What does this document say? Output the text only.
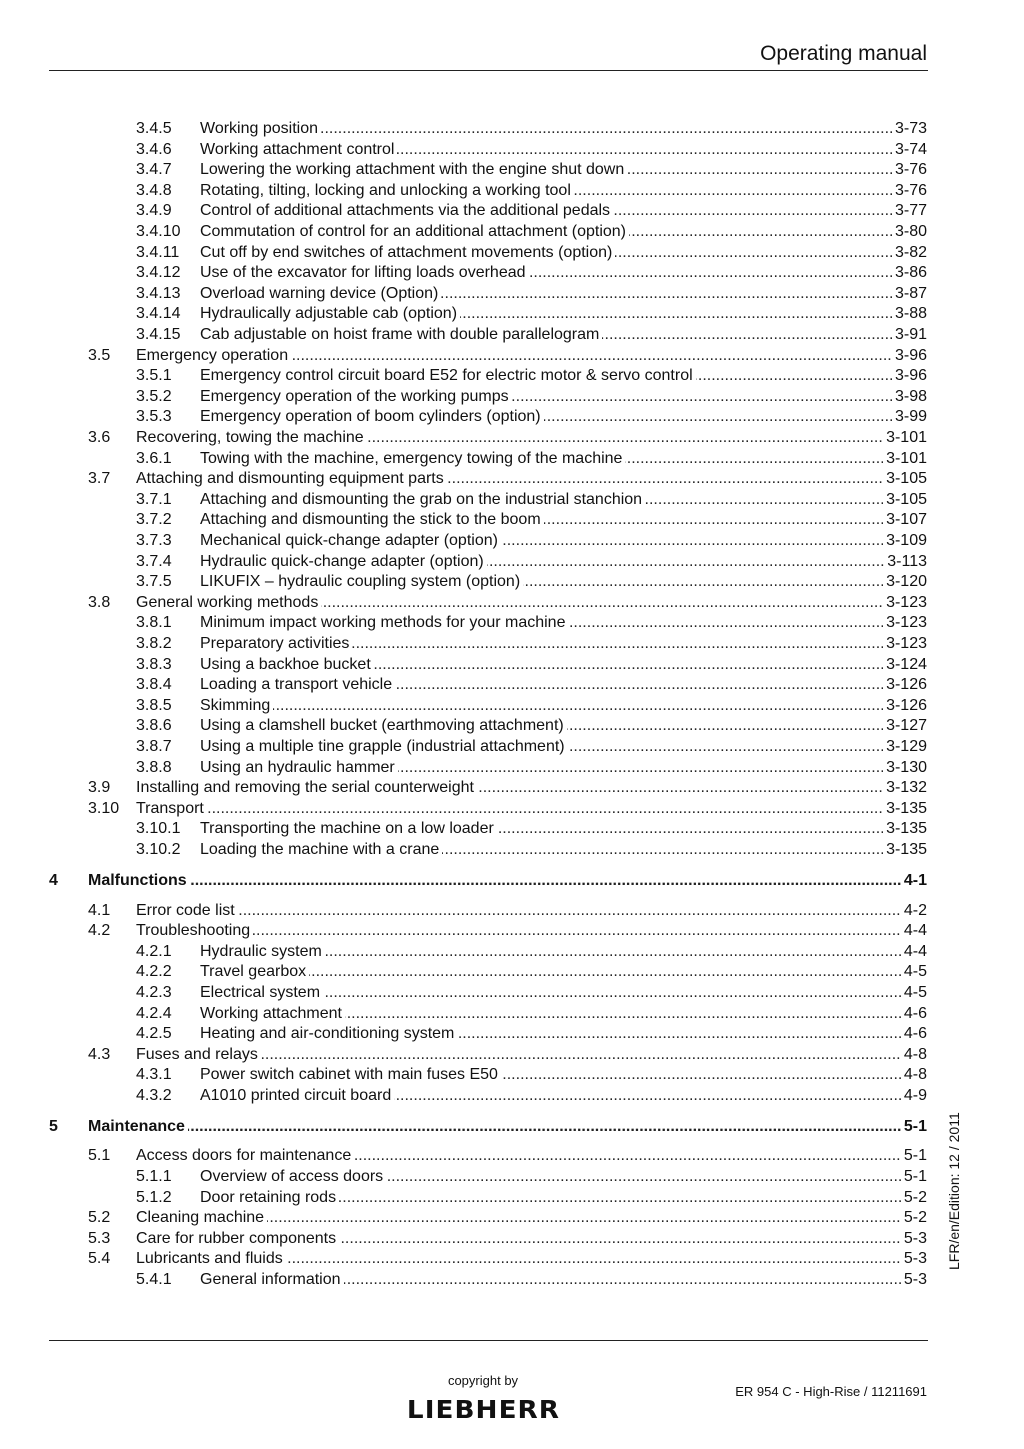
Operating manual
3.4.5 Working position .....	3-73
3.4.6 Working attachment control .....	3-74
3.4.7 Lowering the working attachment with the engine shut down .....	3-76
3.4.8 Rotating, tilting, locking and unlocking a working tool .....	3-76
3.4.9 Control of additional attachments via the additional pedals .....	3-77
3.4.10 Commutation of control for an additional attachment (option) .....	3-80
3.4.11 Cut off by end switches of attachment movements (option) .....	3-82
3.4.12 Use of the excavator for lifting loads overhead .....	3-86
3.4.13 Overload warning device (Option) .....	3-87
3.4.14 Hydraulically adjustable cab (option) .....	3-88
3.4.15 Cab adjustable on hoist frame with double parallelogram .....	3-91
3.5 Emergency operation .....	3-96
3.5.1 Emergency control circuit board E52 for electric motor & servo control .....	3-96
3.5.2 Emergency operation of the working pumps .....	3-98
3.5.3 Emergency operation of boom cylinders (option) .....	3-99
3.6 Recovering, towing the machine .....	3-101
3.6.1 Towing with the machine, emergency towing of the machine .....	3-101
3.7 Attaching and dismounting equipment parts .....	3-105
3.7.1 Attaching and dismounting the grab on the industrial stanchion .....	3-105
3.7.2 Attaching and dismounting the stick to the boom .....	3-107
3.7.3 Mechanical quick-change adapter (option) .....	3-109
3.7.4 Hydraulic quick-change adapter (option) .....	3-113
3.7.5 LIKUFIX – hydraulic coupling system (option) .....	3-120
3.8 General working methods .....	3-123
3.8.1 Minimum impact working methods for your machine .....	3-123
3.8.2 Preparatory activities .....	3-123
3.8.3 Using a backhoe bucket .....	3-124
3.8.4 Loading a transport vehicle .....	3-126
3.8.5 Skimming .....	3-126
3.8.6 Using a clamshell bucket (earthmoving attachment) .....	3-127
3.8.7 Using a multiple tine grapple (industrial attachment) .....	3-129
3.8.8 Using an hydraulic hammer .....	3-130
3.9 Installing and removing the serial counterweight .....	3-132
3.10 Transport .....	3-135
3.10.1 Transporting the machine on a low loader .....	3-135
3.10.2 Loading the machine with a crane .....	3-135
4 Malfunctions .....	4-1
4.1 Error code list .....	4-2
4.2 Troubleshooting .....	4-4
4.2.1 Hydraulic system .....	4-4
4.2.2 Travel gearbox .....	4-5
4.2.3 Electrical system .....	4-5
4.2.4 Working attachment .....	4-6
4.2.5 Heating and air-conditioning system .....	4-6
4.3 Fuses and relays .....	4-8
4.3.1 Power switch cabinet with main fuses E50 .....	4-8
4.3.2 A1010 printed circuit board .....	4-9
5 Maintenance .....	5-1
5.1 Access doors for maintenance .....	5-1
5.1.1 Overview of access doors .....	5-1
5.1.2 Door retaining rods .....	5-2
5.2 Cleaning machine .....	5-2
5.3 Care for rubber components .....	5-3
5.4 Lubricants and fluids .....	5-3
5.4.1 General information .....	5-3
LFR/en/Edition: 12 / 2011
copyright by
LIEBHERR
ER 954 C - High-Rise / 11211691
